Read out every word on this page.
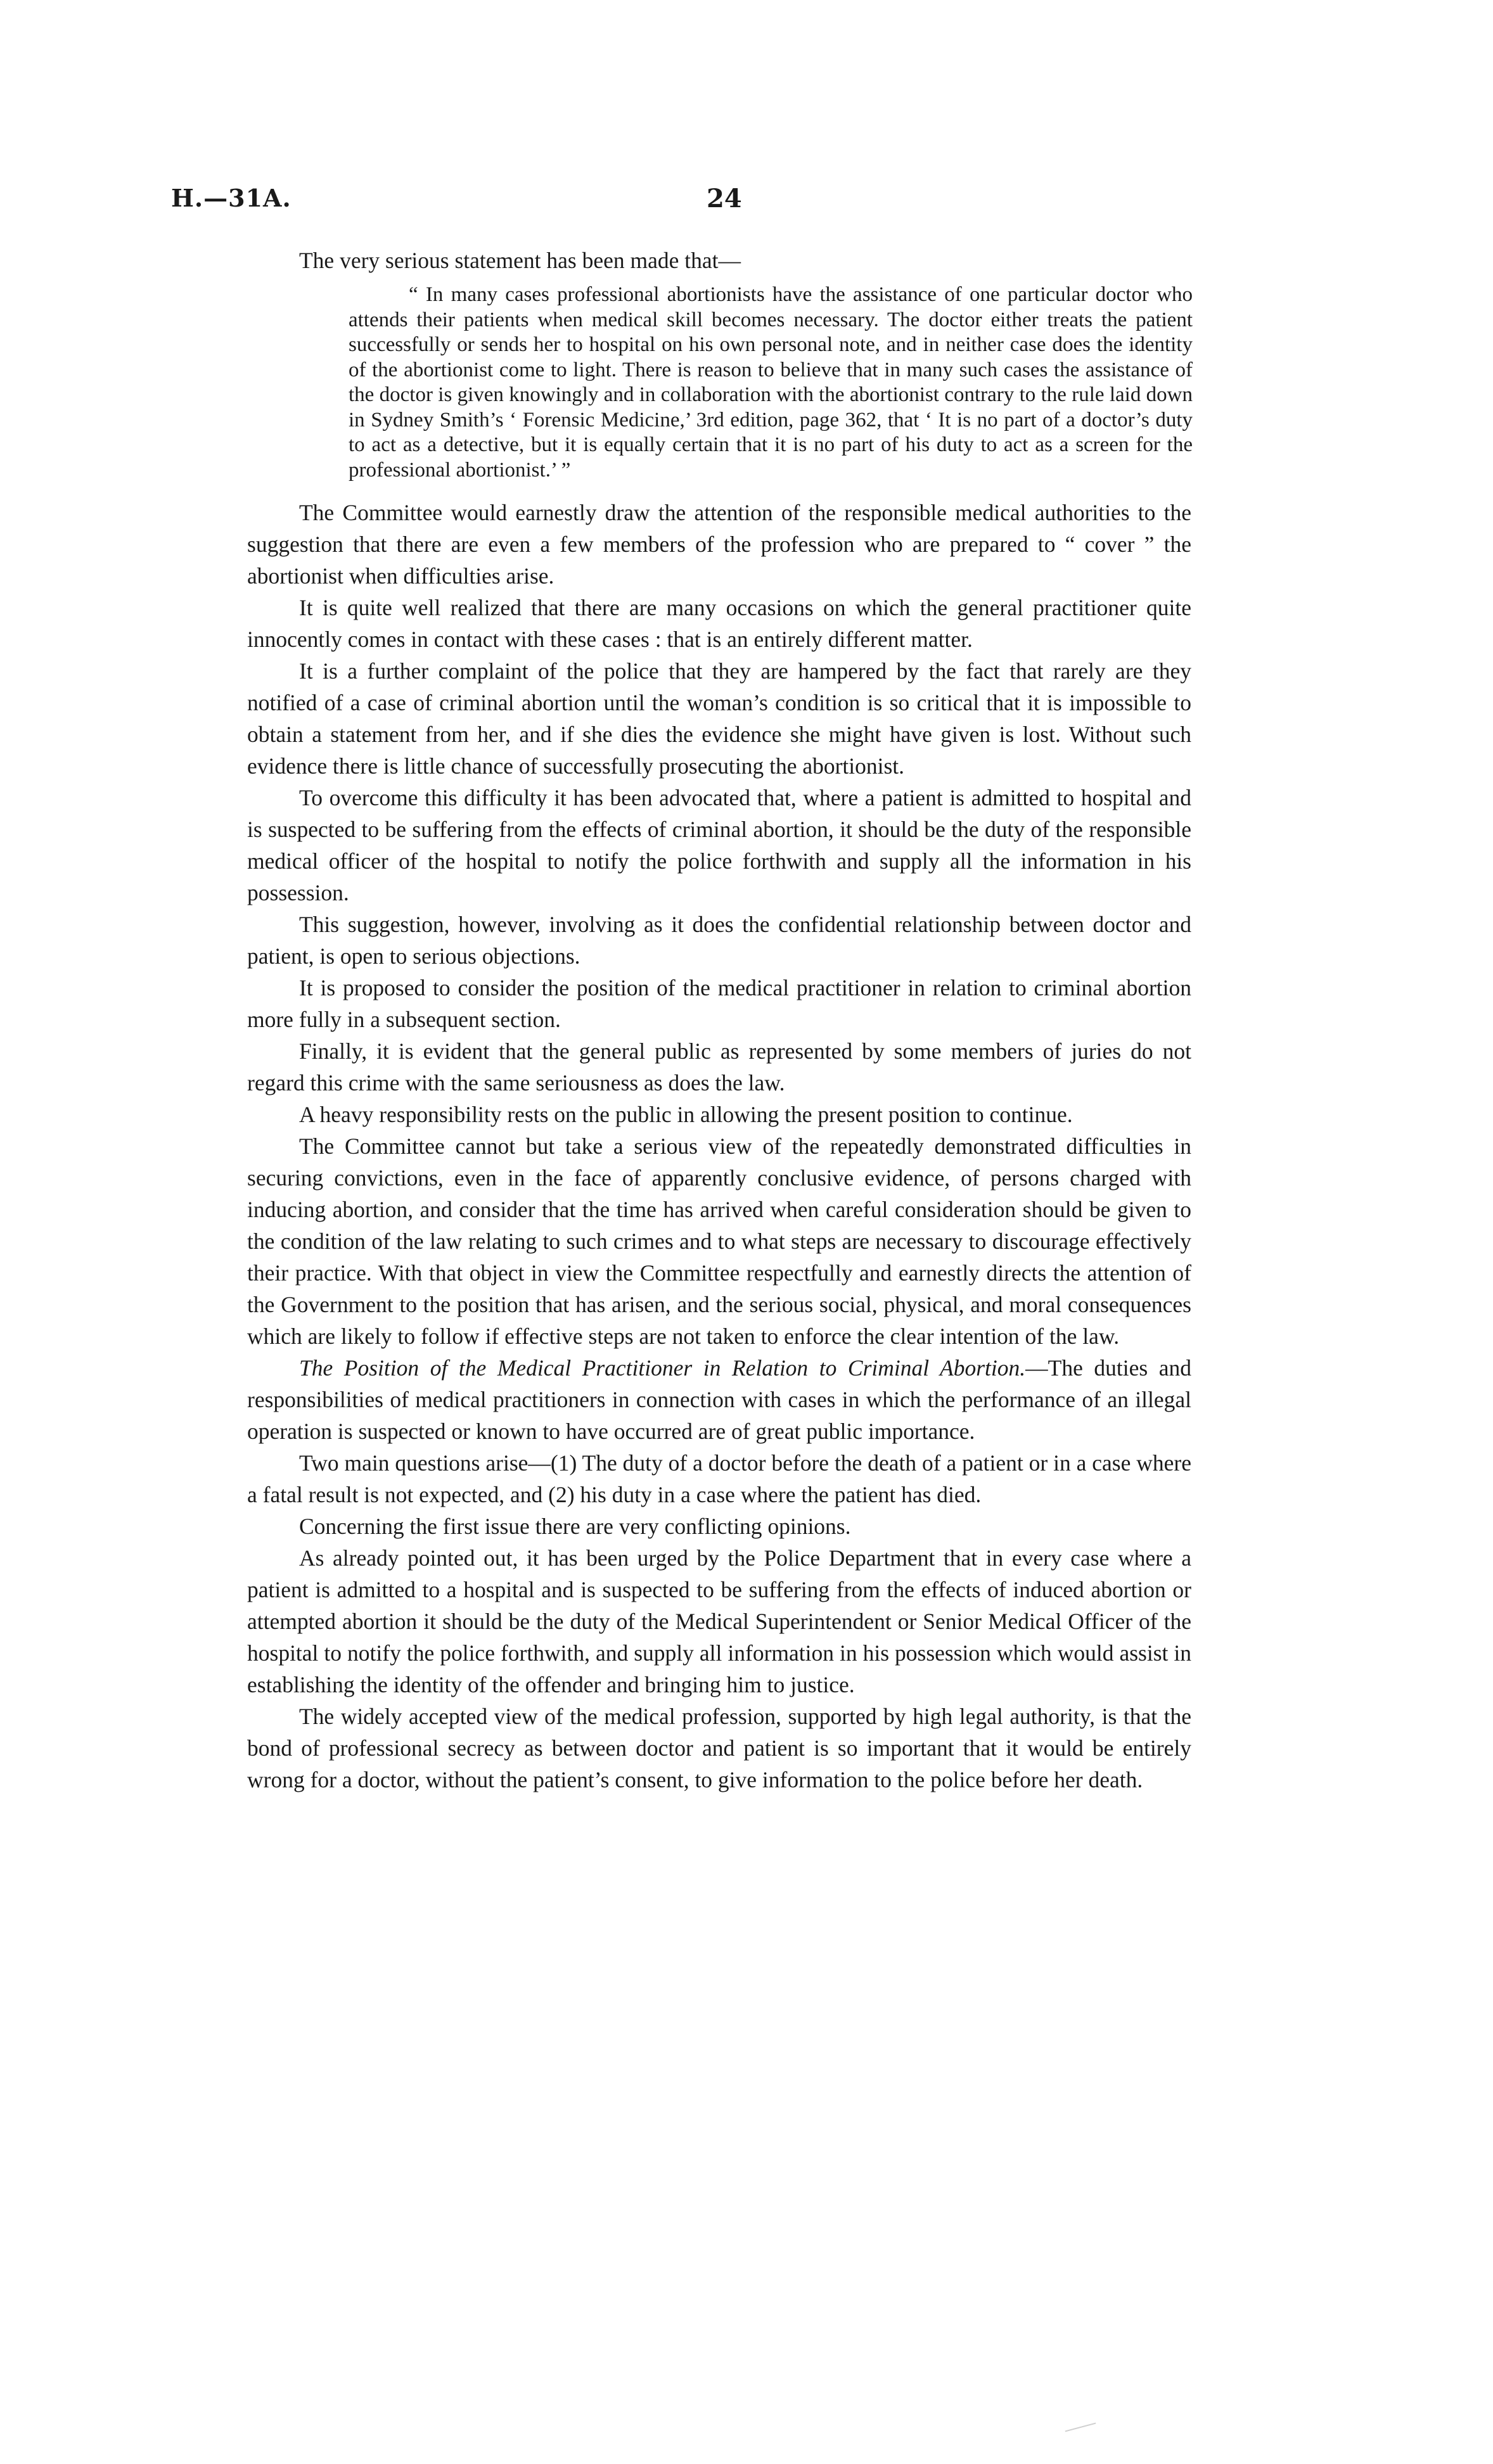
H.—31A.	24

The very serious statement has been made that—

“ In many cases professional abortionists have the assistance of one particular doctor who attends their patients when medical skill becomes necessary. The doctor either treats the patient successfully or sends her to hospital on his own personal note, and in neither case does the identity of the abortionist come to light. There is reason to believe that in many such cases the assistance of the doctor is given knowingly and in collaboration with the abortionist contrary to the rule laid down in Sydney Smith’s ‘ Forensic Medicine,’ 3rd edition, page 362, that ‘ It is no part of a doctor’s duty to act as a detective, but it is equally certain that it is no part of his duty to act as a screen for the professional abortionist.’ ”

The Committee would earnestly draw the attention of the responsible medical authorities to the suggestion that there are even a few members of the profession who are prepared to “ cover ” the abortionist when difficulties arise.

It is quite well realized that there are many occasions on which the general practitioner quite innocently comes in contact with these cases : that is an entirely different matter.

It is a further complaint of the police that they are hampered by the fact that rarely are they notified of a case of criminal abortion until the woman’s condition is so critical that it is impossible to obtain a statement from her, and if she dies the evidence she might have given is lost. Without such evidence there is little chance of successfully prosecuting the abortionist.

To overcome this difficulty it has been advocated that, where a patient is admitted to hospital and is suspected to be suffering from the effects of criminal abortion, it should be the duty of the responsible medical officer of the hospital to notify the police forthwith and supply all the information in his possession.

This suggestion, however, involving as it does the confidential relationship between doctor and patient, is open to serious objections.

It is proposed to consider the position of the medical practitioner in relation to criminal abortion more fully in a subsequent section.

Finally, it is evident that the general public as represented by some members of juries do not regard this crime with the same seriousness as does the law.

A heavy responsibility rests on the public in allowing the present position to continue.

The Committee cannot but take a serious view of the repeatedly demonstrated difficulties in securing convictions, even in the face of apparently conclusive evidence, of persons charged with inducing abortion, and consider that the time has arrived when careful consideration should be given to the condition of the law relating to such crimes and to what steps are necessary to discourage effectively their practice. With that object in view the Committee respectfully and earnestly directs the attention of the Government to the position that has arisen, and the serious social, physical, and moral consequences which are likely to follow if effective steps are not taken to enforce the clear intention of the law.

The Position of the Medical Practitioner in Relation to Criminal Abortion.—The duties and responsibilities of medical practitioners in connection with cases in which the performance of an illegal operation is suspected or known to have occurred are of great public importance.

Two main questions arise—(1) The duty of a doctor before the death of a patient or in a case where a fatal result is not expected, and (2) his duty in a case where the patient has died.

Concerning the first issue there are very conflicting opinions.

As already pointed out, it has been urged by the Police Department that in every case where a patient is admitted to a hospital and is suspected to be suffering from the effects of induced abortion or attempted abortion it should be the duty of the Medical Superintendent or Senior Medical Officer of the hospital to notify the police forthwith, and supply all information in his possession which would assist in establishing the identity of the offender and bringing him to justice.

The widely accepted view of the medical profession, supported by high legal authority, is that the bond of professional secrecy as between doctor and patient is so important that it would be entirely wrong for a doctor, without the patient’s consent, to give information to the police before her death.
